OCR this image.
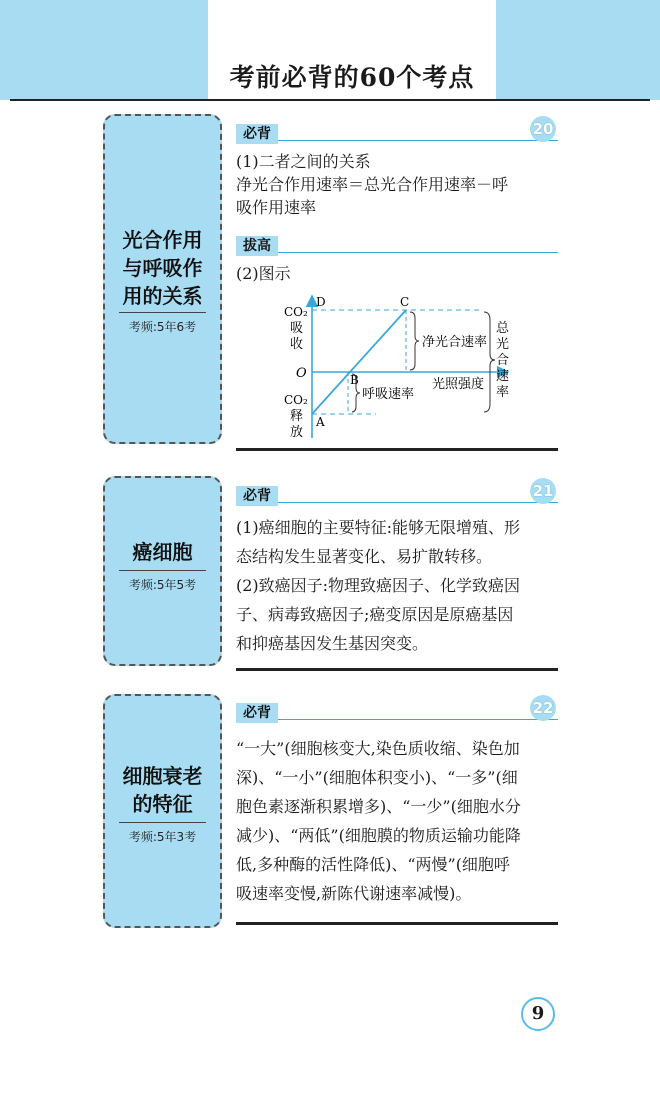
考前必背的60个考点
光合作用
与呼吸作
用的关系
考频:5年6考
必背	20

(1)二者之间的关系

净光合作用速率＝总光合作用速率－呼

吸作用速率

拔高

(2)图示

CO₂
吸
收
O
CO₂
释
放
D	C
B
A
净光合速率
呼吸速率
光照强度
总
光
合
速
率
癌细胞
考频:5年5考
必背	21

(1)癌细胞的主要特征:能够无限增殖、形

态结构发生显著变化、易扩散转移。

(2)致癌因子:物理致癌因子、化学致癌因

子、病毒致癌因子;癌变原因是原癌基因

和抑癌基因发生基因突变。

细胞衰老
的特征
考频:5年3考
必背	22

“一大”(细胞核变大,染色质收缩、染色加

深)、“一小”(细胞体积变小)、“一多”(细

胞色素逐渐积累增多)、“一少”(细胞水分

减少)、“两低”(细胞膜的物质运输功能降

低,多种酶的活性降低)、“两慢”(细胞呼

吸速率变慢,新陈代谢速率减慢)。

9
